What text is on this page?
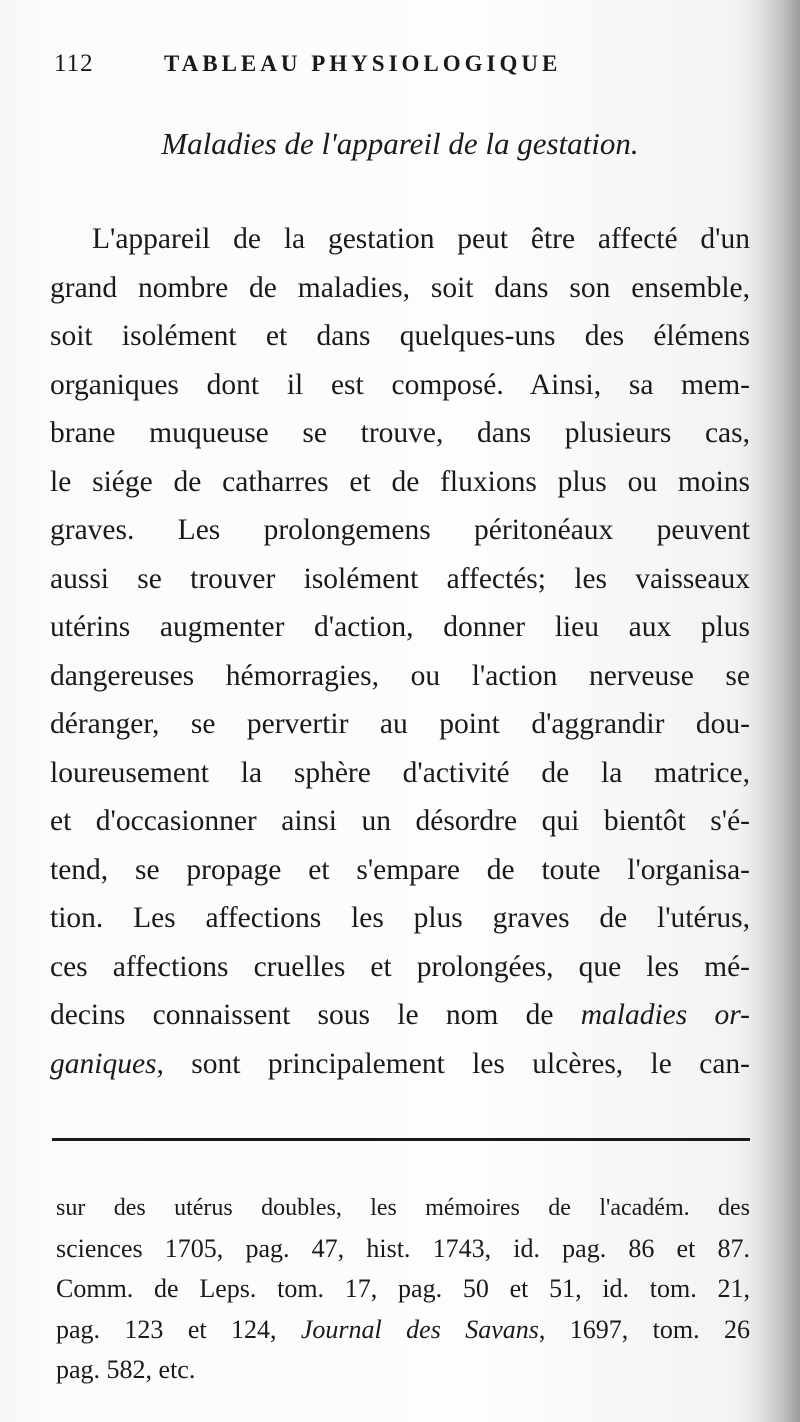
112	TABLEAU PHYSIOLOGIQUE
Maladies de l'appareil de la gestation.
L'appareil de la gestation peut être affecté d'un
grand nombre de maladies, soit dans son ensemble,
soit isolément et dans quelques-uns des élémens
organiques dont il est composé. Ainsi, sa mem-
brane muqueuse se trouve, dans plusieurs cas,
le siége de catharres et de fluxions plus ou moins
graves. Les prolongemens péritonéaux peuvent
aussi se trouver isolément affectés; les vaisseaux
utérins augmenter d'action, donner lieu aux plus
dangereuses hémorragies, ou l'action nerveuse se
déranger, se pervertir au point d'aggrandir dou-
loureusement la sphère d'activité de la matrice,
et d'occasionner ainsi un désordre qui bientôt s'é-
tend, se propage et s'empare de toute l'organisa-
tion. Les affections les plus graves de l'utérus,
ces affections cruelles et prolongées, que les mé-
decins connaissent sous le nom de maladies or-
ganiques, sont principalement les ulcères, le can-
sur des utérus doubles, les mémoires de l'académ. des
sciences 1705, pag. 47, hist. 1743, id. pag. 86 et 87.
Comm. de Leps. tom. 17, pag. 50 et 51, id. tom. 21,
pag. 123 et 124, Journal des Savans, 1697, tom. 26
pag. 582, etc.
